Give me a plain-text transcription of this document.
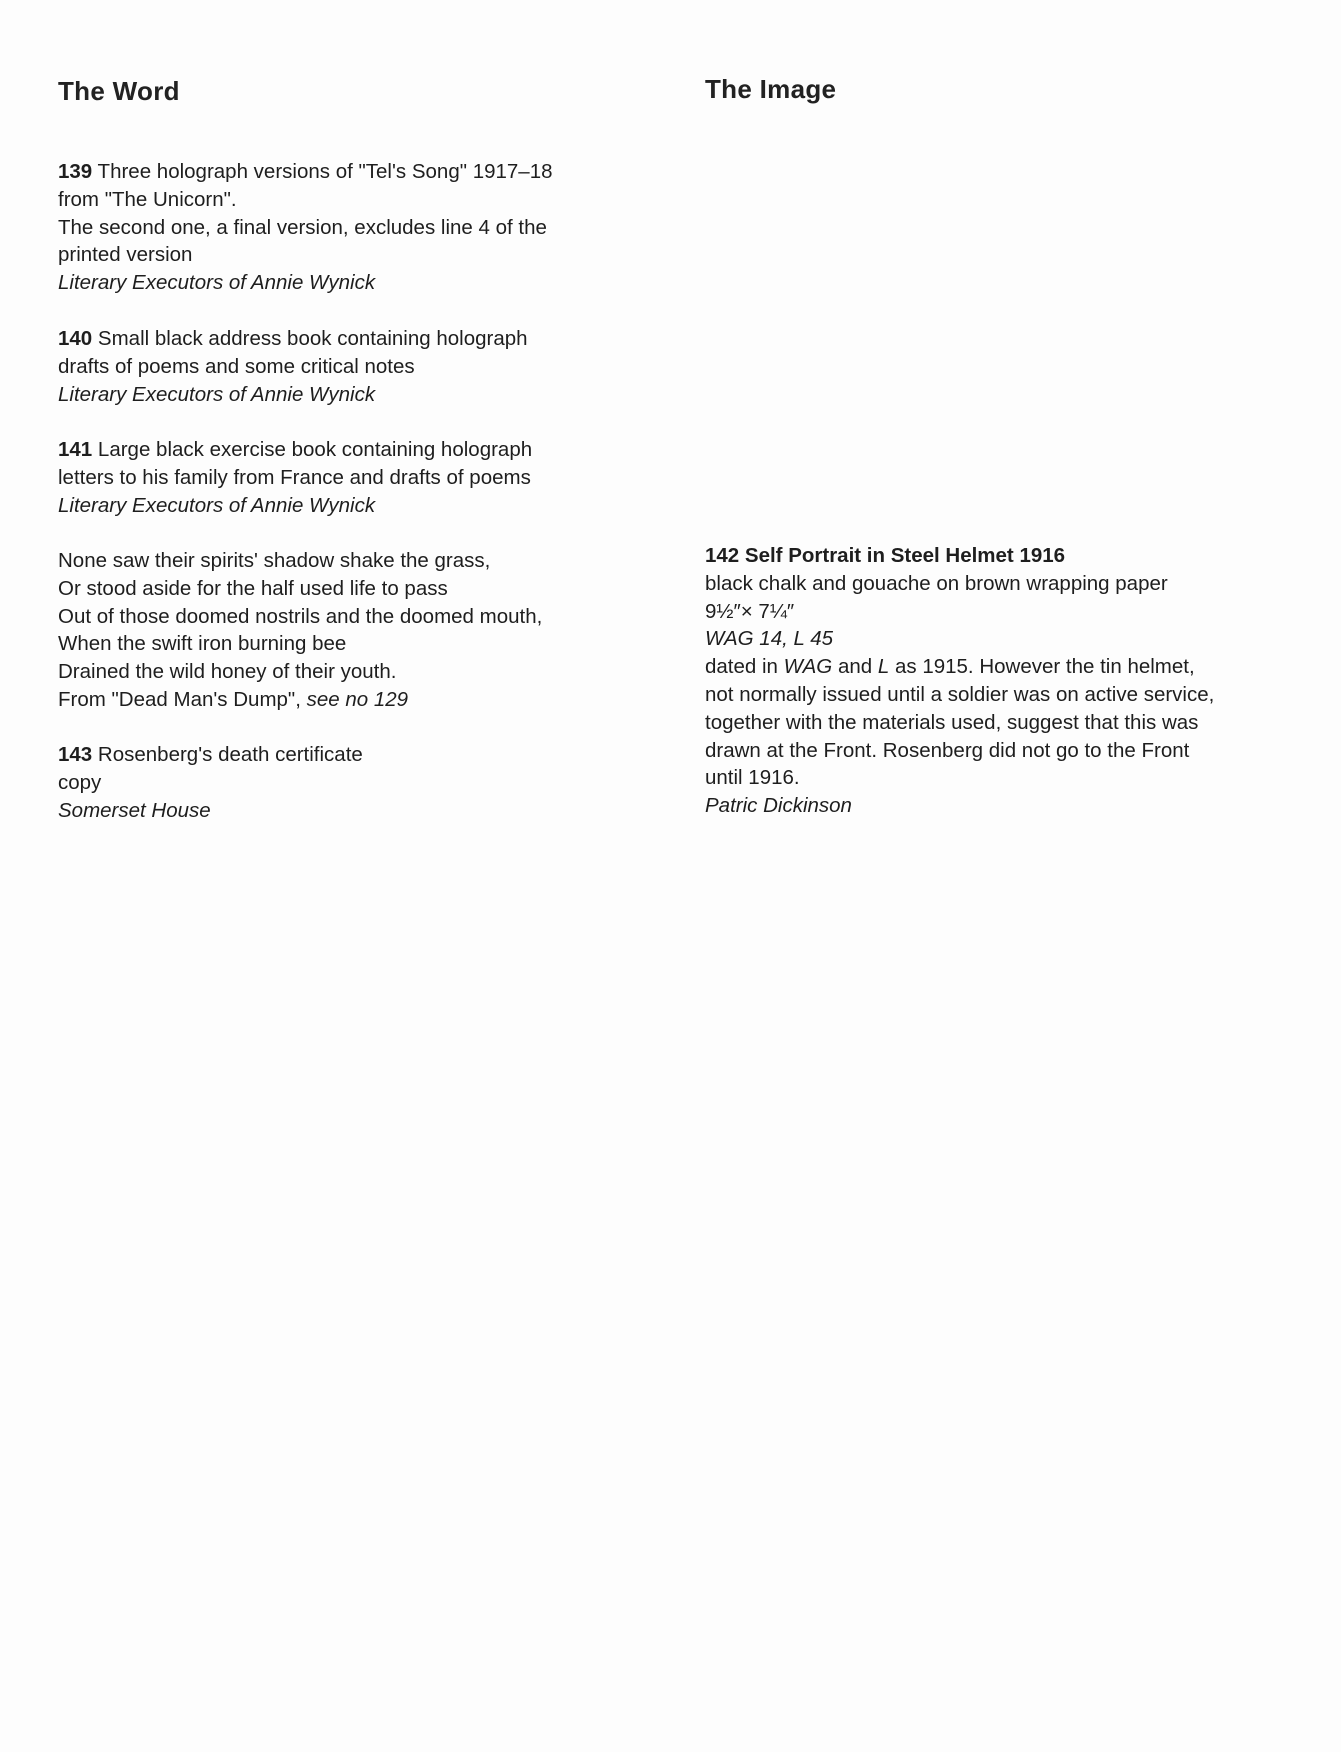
The Word
139 Three holograph versions of "Tel's Song" 1917–18
from "The Unicorn".
The second one, a final version, excludes line 4 of the
printed version
Literary Executors of Annie Wynick
140 Small black address book containing holograph
drafts of poems and some critical notes
Literary Executors of Annie Wynick
141 Large black exercise book containing holograph
letters to his family from France and drafts of poems
Literary Executors of Annie Wynick
None saw their spirits' shadow shake the grass,
Or stood aside for the half used life to pass
Out of those doomed nostrils and the doomed mouth,
When the swift iron burning bee
Drained the wild honey of their youth.
From "Dead Man's Dump", see no 129
143 Rosenberg's death certificate
copy
Somerset House
The Image
142 Self Portrait in Steel Helmet 1916
black chalk and gouache on brown wrapping paper
9½″× 7¼″
WAG 14, L 45
dated in WAG and L as 1915. However the tin helmet,
not normally issued until a soldier was on active service,
together with the materials used, suggest that this was
drawn at the Front. Rosenberg did not go to the Front
until 1916.
Patric Dickinson
